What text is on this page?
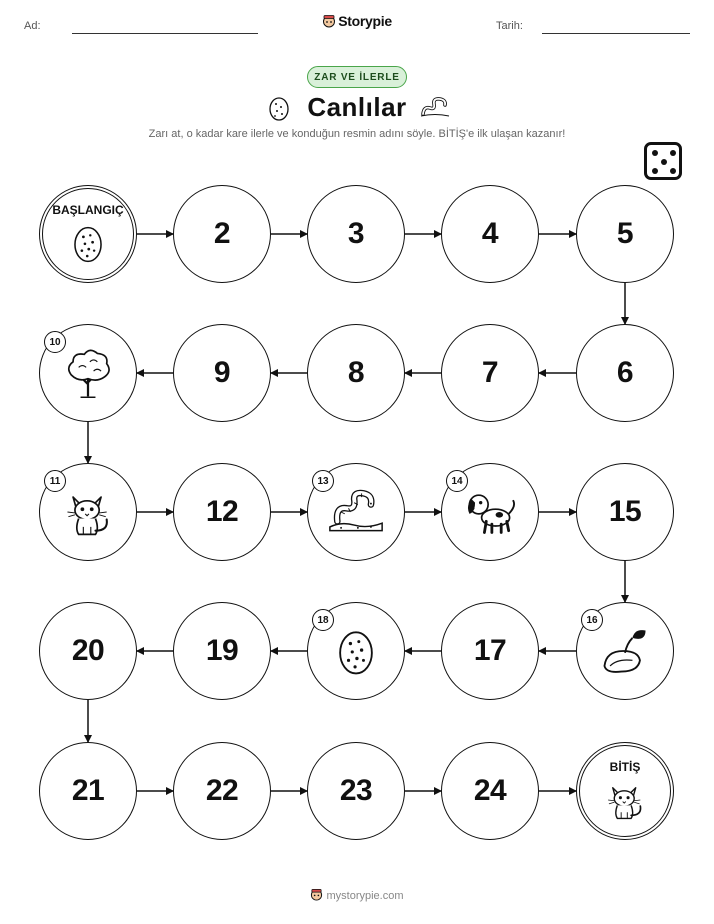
Ad:	Storypie	Tarih:
ZAR VE İLERLE
Canlılar
Zarı at, o kadar kare ilerle ve konduğun resmin adını söyle. BİTİŞ'e ilk ulaşan kazanır!
BAŞLANGIÇ
2	3	4	5
6
7
8
9
10
11
12
13	14
15
16
17
18
19
20
21	22	23	24
BİTİŞ
mystorypie.com
